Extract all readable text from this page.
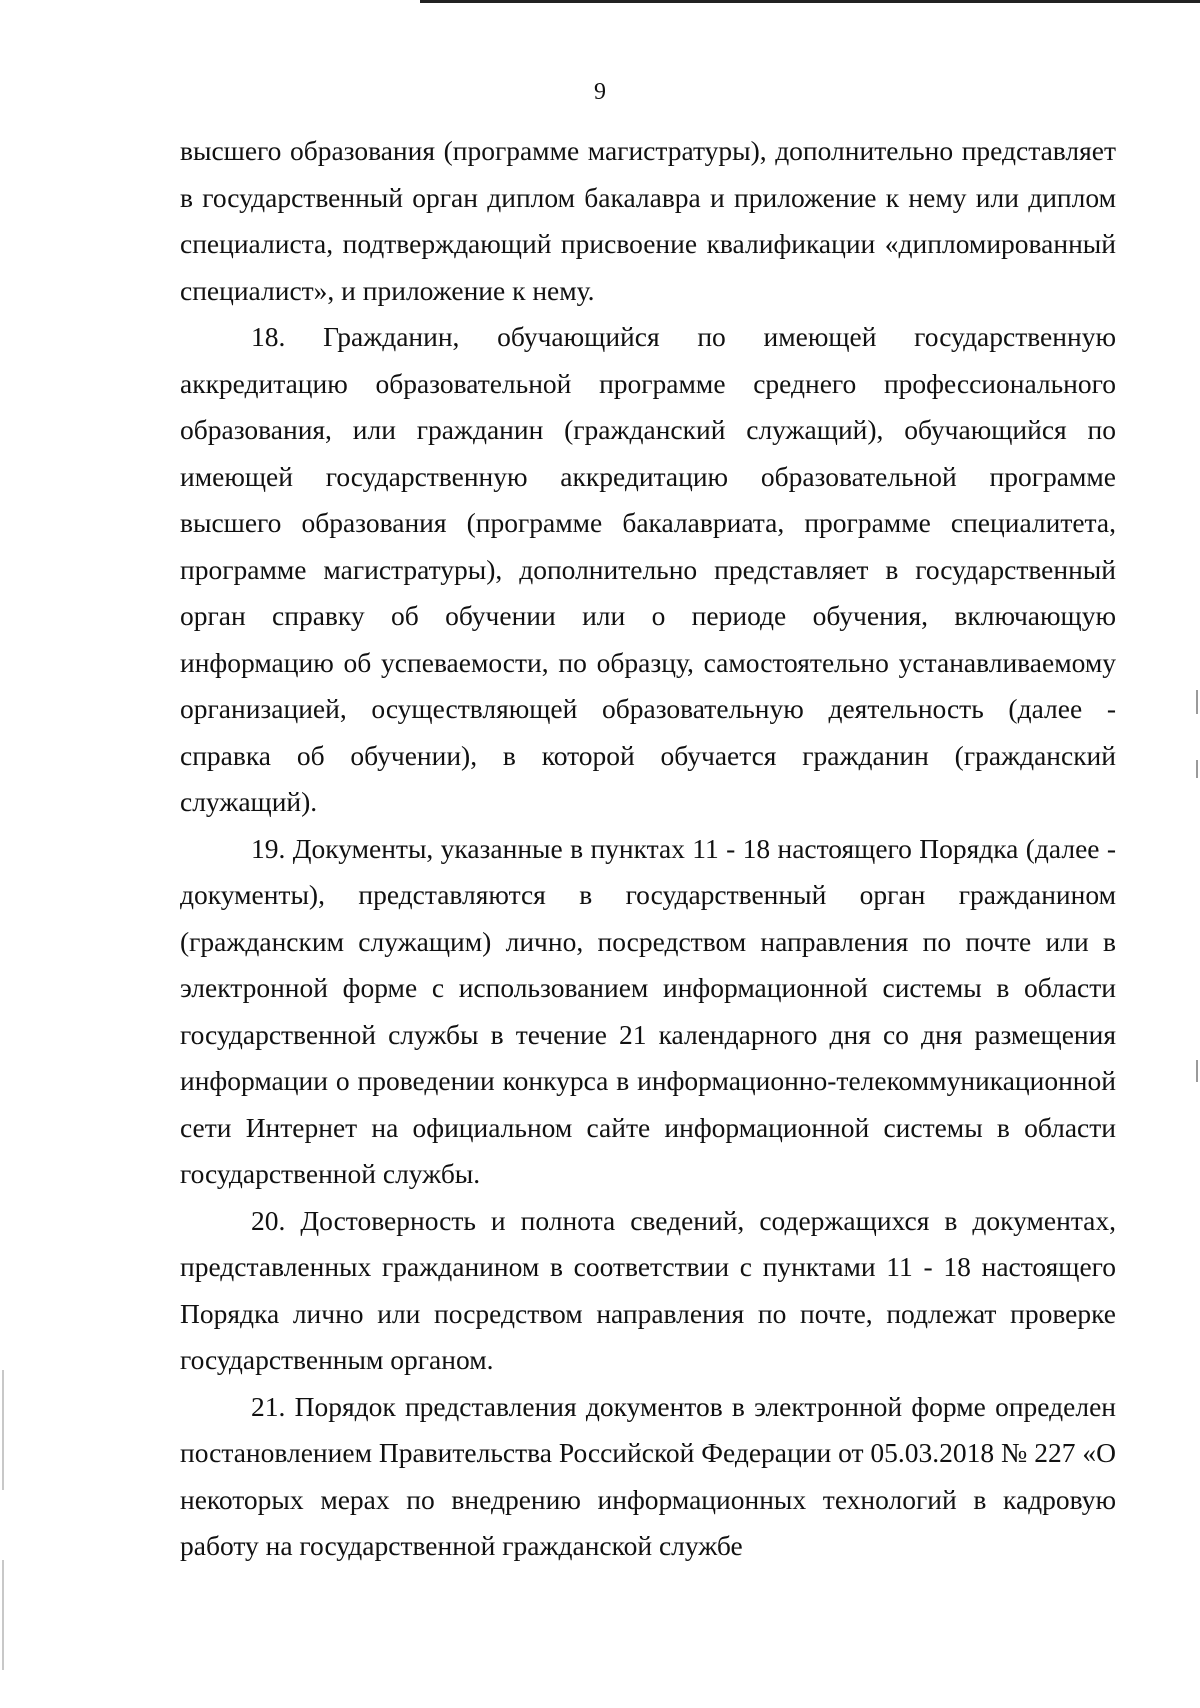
9

высшего образования (программе магистратуры), дополнительно представляет в государственный орган диплом бакалавра и приложение к нему или диплом специалиста, подтверждающий присвоение квалификации «дипломированный специалист», и приложение к нему.

18. Гражданин, обучающийся по имеющей государственную аккредитацию образовательной программе среднего профессионального образования, или гражданин (гражданский служащий), обучающийся по имеющей государственную аккредитацию образовательной программе высшего образования (программе бакалавриата, программе специалитета, программе магистратуры), дополнительно представляет в государственный орган справку об обучении или о периоде обучения, включающую информацию об успеваемости, по образцу, самостоятельно устанавливаемому организацией, осуществляющей образовательную деятельность (далее - справка об обучении), в которой обучается гражданин (гражданский служащий).

19. Документы, указанные в пунктах 11 - 18 настоящего Порядка (далее - документы), представляются в государственный орган гражданином (гражданским служащим) лично, посредством направления по почте или в электронной форме с использованием информационной системы в области государственной службы в течение 21 календарного дня со дня размещения информации о проведении конкурса в информационно-телекоммуникационной сети Интернет на официальном сайте информационной системы в области государственной службы.

20. Достоверность и полнота сведений, содержащихся в документах, представленных гражданином в соответствии с пунктами 11 - 18 настоящего Порядка лично или посредством направления по почте, подлежат проверке государственным органом.

21. Порядок представления документов в электронной форме определен постановлением Правительства Российской Федерации от 05.03.2018 № 227 «О некоторых мерах по внедрению информационных технологий в кадровую работу на государственной гражданской службе
